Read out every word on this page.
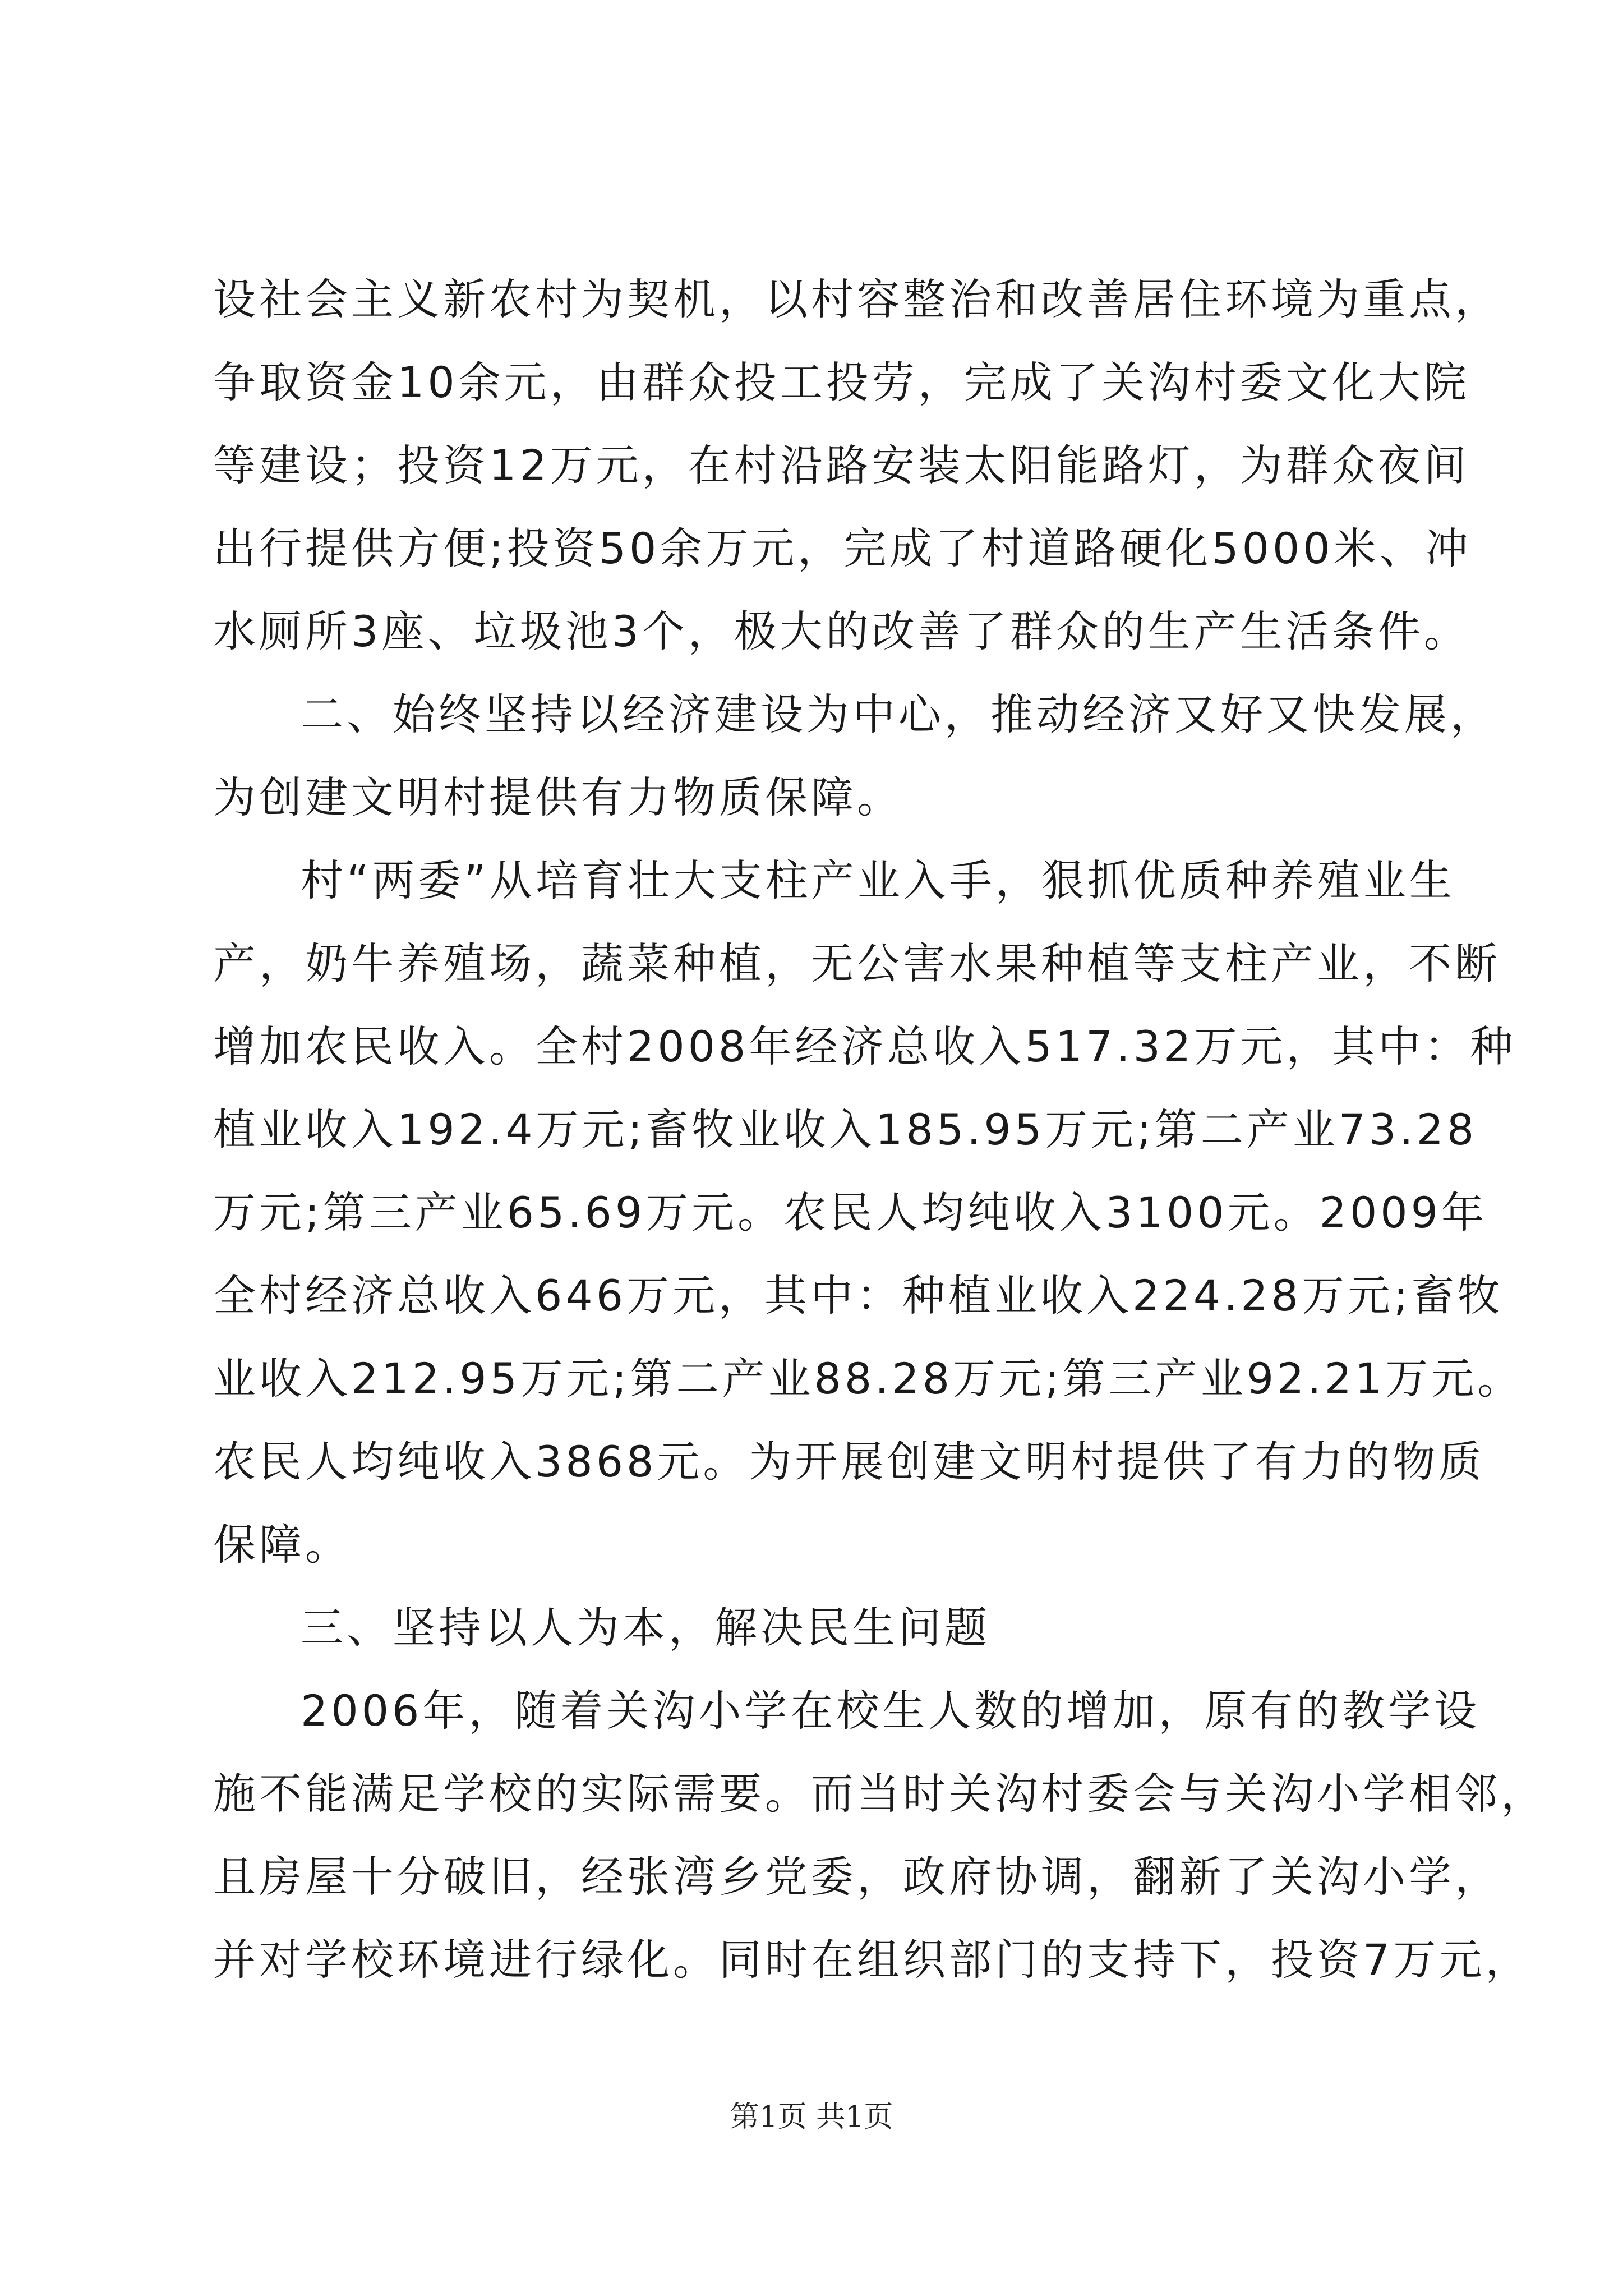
设社会主义新农村为契机，以村容整治和改善居住环境为重点，
争取资金10余元，由群众投工投劳，完成了关沟村委文化大院
等建设；投资12万元，在村沿路安装太阳能路灯，为群众夜间
出行提供方便;投资50余万元，完成了村道路硬化5000米、冲
水厕所3座、垃圾池3个，极大的改善了群众的生产生活条件。
二、始终坚持以经济建设为中心，推动经济又好又快发展，
为创建文明村提供有力物质保障。
村“两委”从培育壮大支柱产业入手，狠抓优质种养殖业生
产，奶牛养殖场，蔬菜种植，无公害水果种植等支柱产业，不断
增加农民收入。全村2008年经济总收入517.32万元，其中：种
植业收入192.4万元;畜牧业收入185.95万元;第二产业73.28
万元;第三产业65.69万元。农民人均纯收入3100元。2009年
全村经济总收入646万元，其中：种植业收入224.28万元;畜牧
业收入212.95万元;第二产业88.28万元;第三产业92.21万元。
农民人均纯收入3868元。为开展创建文明村提供了有力的物质
保障。
三、坚持以人为本，解决民生问题
2006年，随着关沟小学在校生人数的增加，原有的教学设
施不能满足学校的实际需要。而当时关沟村委会与关沟小学相邻，
且房屋十分破旧，经张湾乡党委，政府协调，翻新了关沟小学，
并对学校环境进行绿化。同时在组织部门的支持下，投资7万元，
第1页 共1页
